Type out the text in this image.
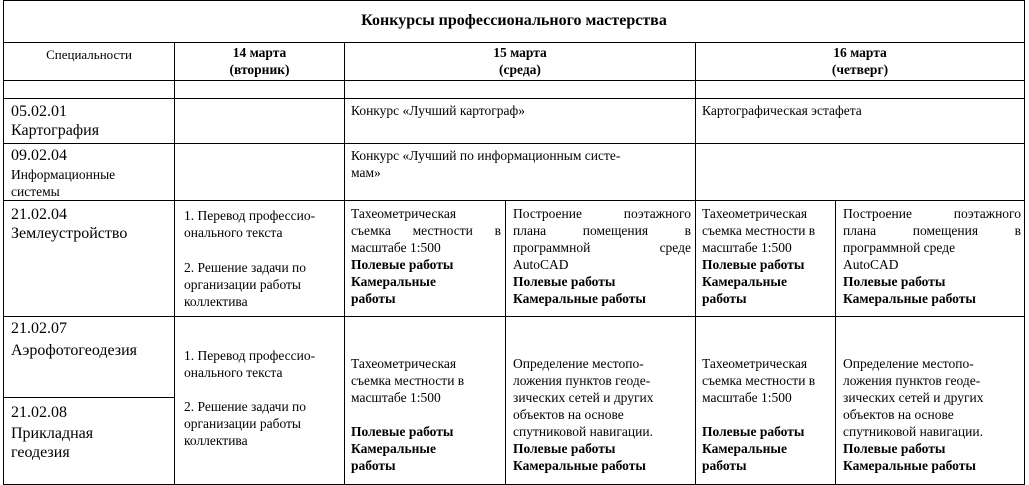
Конкурсы профессионального мастерства
Специальности	14 марта
(вторник)
15 марта
(среда)
16 марта
(четверг)
05.02.01
Картография
Конкурс «Лучший картограф»	Картографическая эстафета
09.02.04
Информационные
системы
Конкурс «Лучший по информационным систе-
мам»
21.02.04
Землеустройство
1. Перевод профессио-
онального текста
2. Решение задачи по
организации работы
коллектива
Тахеометрическая
съемка местности в
масштабе 1:500
Полевые работы
Камеральные
работы
Построение поэтажного
плана помещения в
программной среде
AutoCAD
Полевые работы
Камеральные работы
Тахеометрическая
съемка местности в
масштабе 1:500
Полевые работы
Камеральные
работы
Построение поэтажного
плана помещения в
программной среде
AutoCAD
Полевые работы
Камеральные работы
21.02.07
Аэрофотогеодезия
21.02.08
Прикладная
геодезия
1. Перевод профессио-
онального текста
2. Решение задачи по
организации работы
коллектива
Тахеометрическая
съемка местности в
масштабе 1:500
Полевые работы
Камеральные
работы
Определение местопо-
ложения пунктов геоде-
зических сетей и других
объектов на основе
спутниковой навигации.
Полевые работы
Камеральные работы
Тахеометрическая
съемка местности в
масштабе 1:500
Полевые работы
Камеральные
работы
Определение местопо-
ложения пунктов геоде-
зических сетей и других
объектов на основе
спутниковой навигации.
Полевые работы
Камеральные работы
